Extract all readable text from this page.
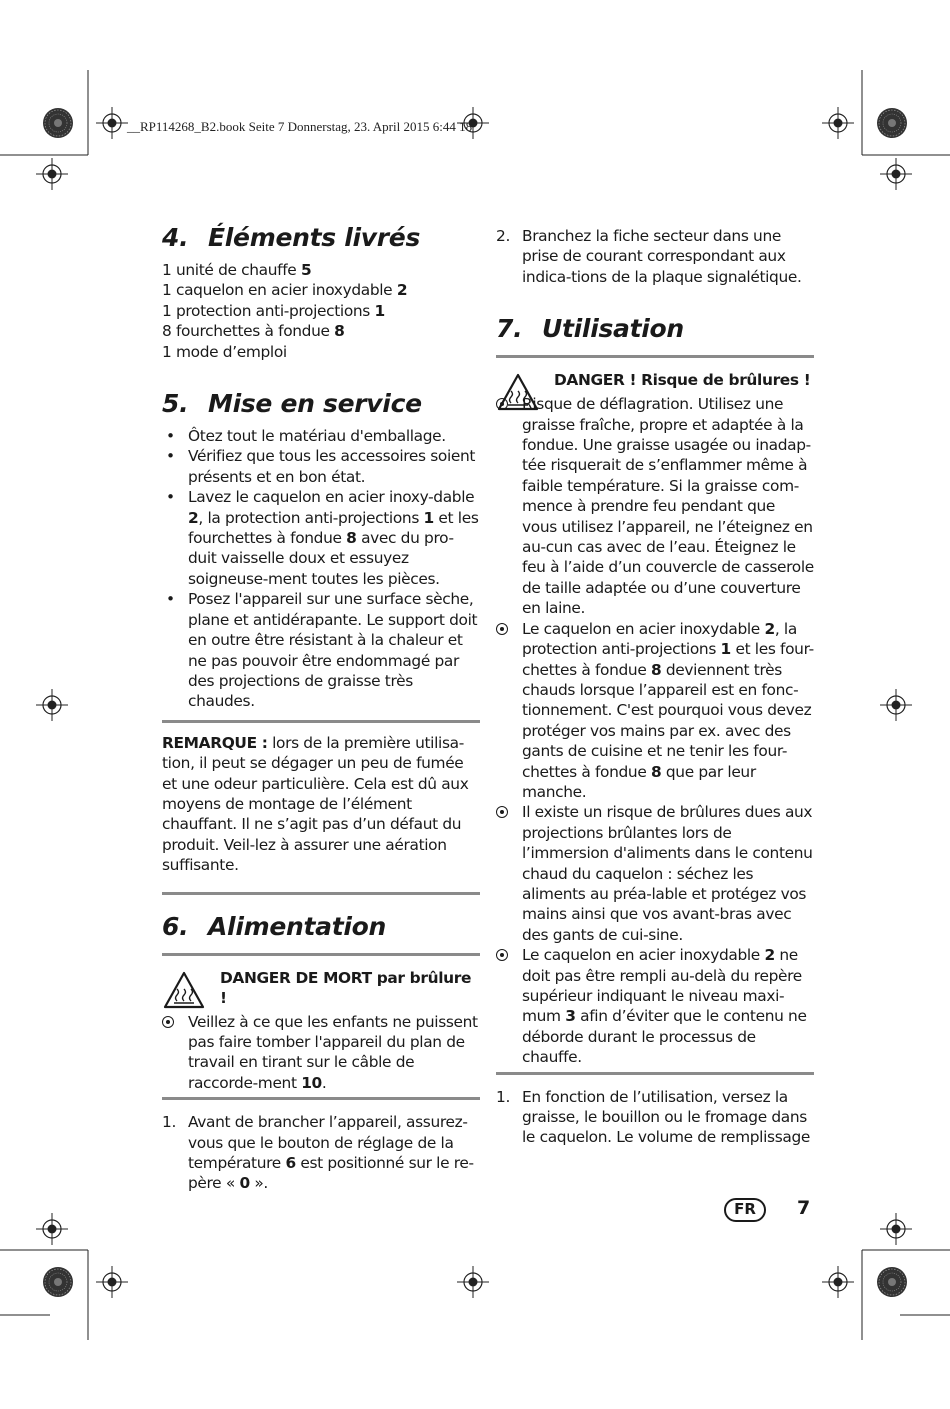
__RP114268_B2.book Seite 7 Donnerstag, 23. April 2015 6:44 18
4. Éléments livrés
1 unité de chauffe 5
1 caquelon en acier inoxydable 2
1 protection anti-projections 1
8 fourchettes à fondue 8
1 mode d’emploi
5. Mise en service
• Ôtez tout le matériau d'emballage.
• Vérifiez que tous les accessoires soient présents et en bon état.
• Lavez le caquelon en acier inoxy-dable 2, la protection anti-projections 1 et les fourchettes à fondue 8 avec du pro-duit vaisselle doux et essuyez soigneuse-ment toutes les pièces.
• Posez l'appareil sur une surface sèche, plane et antidérapante. Le support doit en outre être résistant à la chaleur et ne pas pouvoir être endommagé par des projections de graisse très chaudes.

REMARQUE : lors de la première utilisa-tion, il peut se dégager un peu de fumée et une odeur particulière. Cela est dû aux moyens de montage de l’élément chauffant. Il ne s’agit pas d’un défaut du produit. Veil-lez à assurer une aération suffisante.

6. Alimentation
DANGER DE MORT par brûlure !
Veillez à ce que les enfants ne puissent pas faire tomber l'appareil du plan de travail en tirant sur le câble de raccorde-ment 10.
1. Avant de brancher l’appareil, assurez-vous que le bouton de réglage de la température 6 est positionné sur le re-père « 0 ».
2. Branchez la fiche secteur dans une prise de courant correspondant aux indica-tions de la plaque signalétique.
7. Utilisation
DANGER ! Risque de brûlures !
Risque de déflagration. Utilisez une graisse fraîche, propre et adaptée à la fondue. Une graisse usagée ou inadap-tée risquerait de s’enflammer même à faible température. Si la graisse com-mence à prendre feu pendant que vous utilisez l’appareil, ne l’éteignez en au-cun cas avec de l’eau. Éteignez le feu à l’aide d’un couvercle de casserole de taille adaptée ou d’une couverture en laine.
Le caquelon en acier inoxydable 2, la protection anti-projections 1 et les four-chettes à fondue 8 deviennent très chauds lorsque l’appareil est en fonc-tionnement. C'est pourquoi vous devez protéger vos mains par ex. avec des gants de cuisine et ne tenir les four-chettes à fondue 8 que par leur manche.
Il existe un risque de brûlures dues aux projections brûlantes lors de l’immersion d'aliments dans le contenu chaud du caquelon : séchez les aliments au préa-lable et protégez vos mains ainsi que vos avant-bras avec des gants de cui-sine.
Le caquelon en acier inoxydable 2 ne doit pas être rempli au-delà du repère supérieur indiquant le niveau maxi-mum 3 afin d’éviter que le contenu ne déborde durant le processus de chauffe.
1. En fonction de l’utilisation, versez la graisse, le bouillon ou le fromage dans le caquelon. Le volume de remplissage
FR	7
